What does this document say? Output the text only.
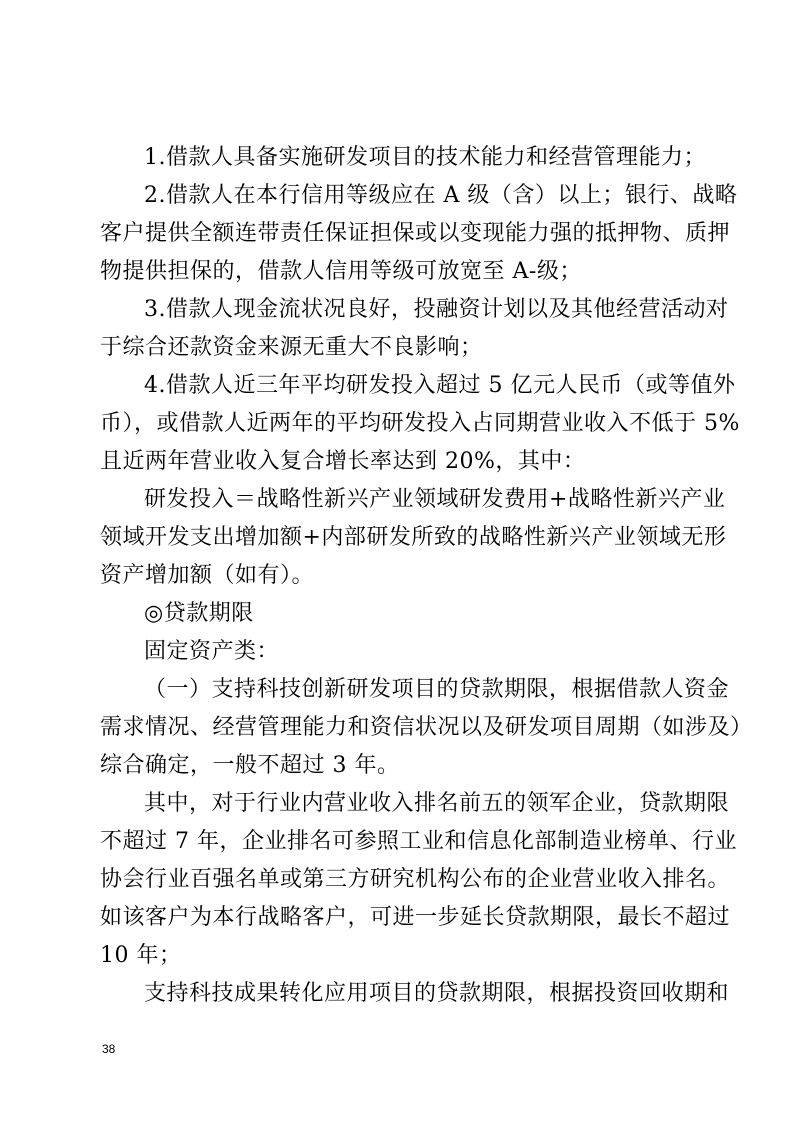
1.借款人具备实施研发项目的技术能力和经营管理能力；
2.借款人在本行信用等级应在 A 级（含）以上；银行、战略
客户提供全额连带责任保证担保或以变现能力强的抵押物、质押
物提供担保的，借款人信用等级可放宽至 A-级；
3.借款人现金流状况良好，投融资计划以及其他经营活动对
于综合还款资金来源无重大不良影响；
4.借款人近三年平均研发投入超过 5 亿元人民币（或等值外
币），或借款人近两年的平均研发投入占同期营业收入不低于 5%
且近两年营业收入复合增长率达到 20%，其中：
研发投入＝战略性新兴产业领域研发费用+战略性新兴产业
领域开发支出增加额+内部研发所致的战略性新兴产业领域无形
资产增加额（如有）。
◎贷款期限
固定资产类：
（一）支持科技创新研发项目的贷款期限，根据借款人资金
需求情况、经营管理能力和资信状况以及研发项目周期（如涉及）
综合确定，一般不超过 3 年。
其中，对于行业内营业收入排名前五的领军企业，贷款期限
不超过 7 年，企业排名可参照工业和信息化部制造业榜单、行业
协会行业百强名单或第三方研究机构公布的企业营业收入排名。
如该客户为本行战略客户，可进一步延长贷款期限，最长不超过
10 年；
支持科技成果转化应用项目的贷款期限，根据投资回收期和
38
